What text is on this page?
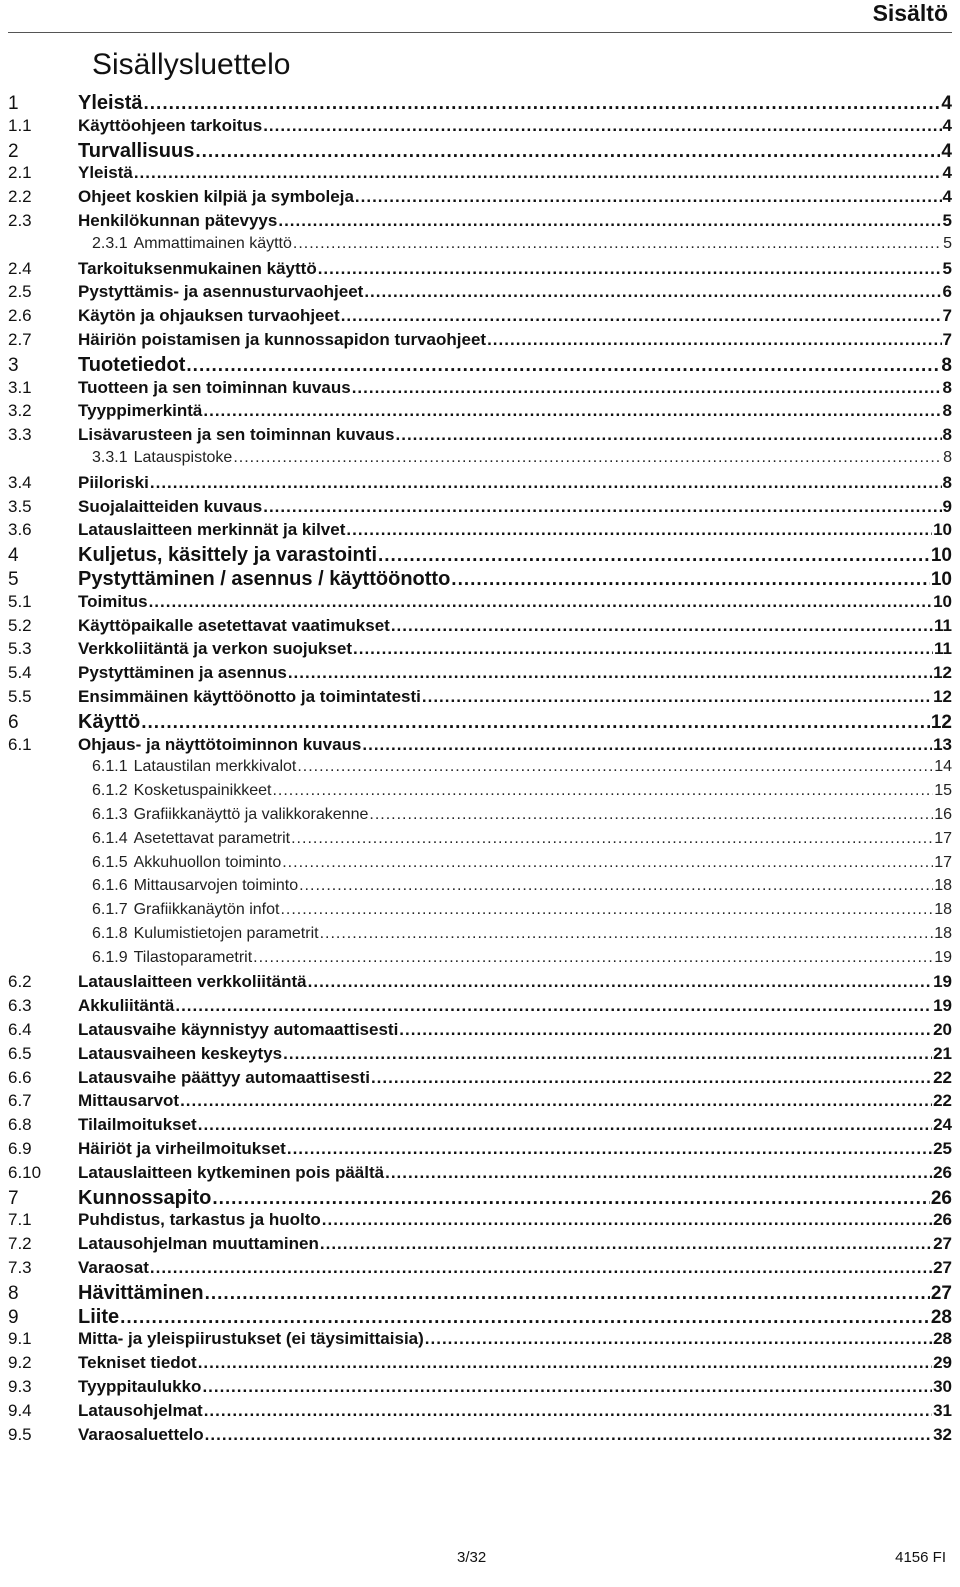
Sisältö
Sisällysluettelo
1	Yleistä .....	4
1.1	Käyttöohjeen tarkoitus .....	4
2	Turvallisuus .....	4
2.1	Yleistä .....	4
2.2	Ohjeet koskien kilpiä ja symboleja .....	4
2.3	Henkilökunnan pätevyys .....	5
2.3.1 Ammattimainen käyttö .....	5
2.4	Tarkoituksenmukainen käyttö .....	5
2.5	Pystyttämis- ja asennusturvaohjeet .....	6
2.6	Käytön ja ohjauksen turvaohjeet .....	7
2.7	Häiriön poistamisen ja kunnossapidon turvaohjeet .....	7
3	Tuotetiedot .....	8
3.1	Tuotteen ja sen toiminnan kuvaus .....	8
3.2	Tyyppimerkintä .....	8
3.3	Lisävarusteen ja sen toiminnan kuvaus .....	8
3.3.1 Latauspistoke .....	8
3.4	Piiloriski .....	8
3.5	Suojalaitteiden kuvaus .....	9
3.6	Latauslaitteen merkinnät ja kilvet .....	10
4	Kuljetus, käsittely ja varastointi .....	10
5	Pystyttäminen / asennus / käyttöönotto .....	10
5.1	Toimitus .....	10
5.2	Käyttöpaikalle asetettavat vaatimukset .....	11
5.3	Verkkoliitäntä ja verkon suojukset .....	11
5.4	Pystyttäminen ja asennus .....	12
5.5	Ensimmäinen käyttöönotto ja toimintatesti .....	12
6	Käyttö .....	12
6.1	Ohjaus- ja näyttötoiminnon kuvaus .....	13
6.1.1 Lataustilan merkkivalot .....	14
6.1.2 Kosketuspainikkeet .....	15
6.1.3 Grafiikkanäyttö ja valikkorakenne .....	16
6.1.4 Asetettavat parametrit .....	17
6.1.5 Akkuhuollon toiminto .....	17
6.1.6 Mittausarvojen toiminto .....	18
6.1.7 Grafiikkanäytön infot .....	18
6.1.8 Kulumistietojen parametrit .....	18
6.1.9 Tilastoparametrit .....	19
6.2	Latauslaitteen verkkoliitäntä .....	19
6.3	Akkuliitäntä .....	19
6.4	Latausvaihe käynnistyy automaattisesti .....	20
6.5	Latausvaiheen keskeytys .....	21
6.6	Latausvaihe päättyy automaattisesti .....	22
6.7	Mittausarvot .....	22
6.8	Tilailmoitukset .....	24
6.9	Häiriöt ja virheilmoitukset .....	25
6.10	Latauslaitteen kytkeminen pois päältä .....	26
7	Kunnossapito .....	26
7.1	Puhdistus, tarkastus ja huolto .....	26
7.2	Latausohjelman muuttaminen .....	27
7.3	Varaosat .....	27
8	Hävittäminen .....	27
9	Liite .....	28
9.1	Mitta- ja yleispiirustukset (ei täysimittaisia) .....	28
9.2	Tekniset tiedot .....	29
9.3	Tyyppitaulukko .....	30
9.4	Latausohjelmat .....	31
9.5	Varaosaluettelo .....	32
3/32	4156 FI
